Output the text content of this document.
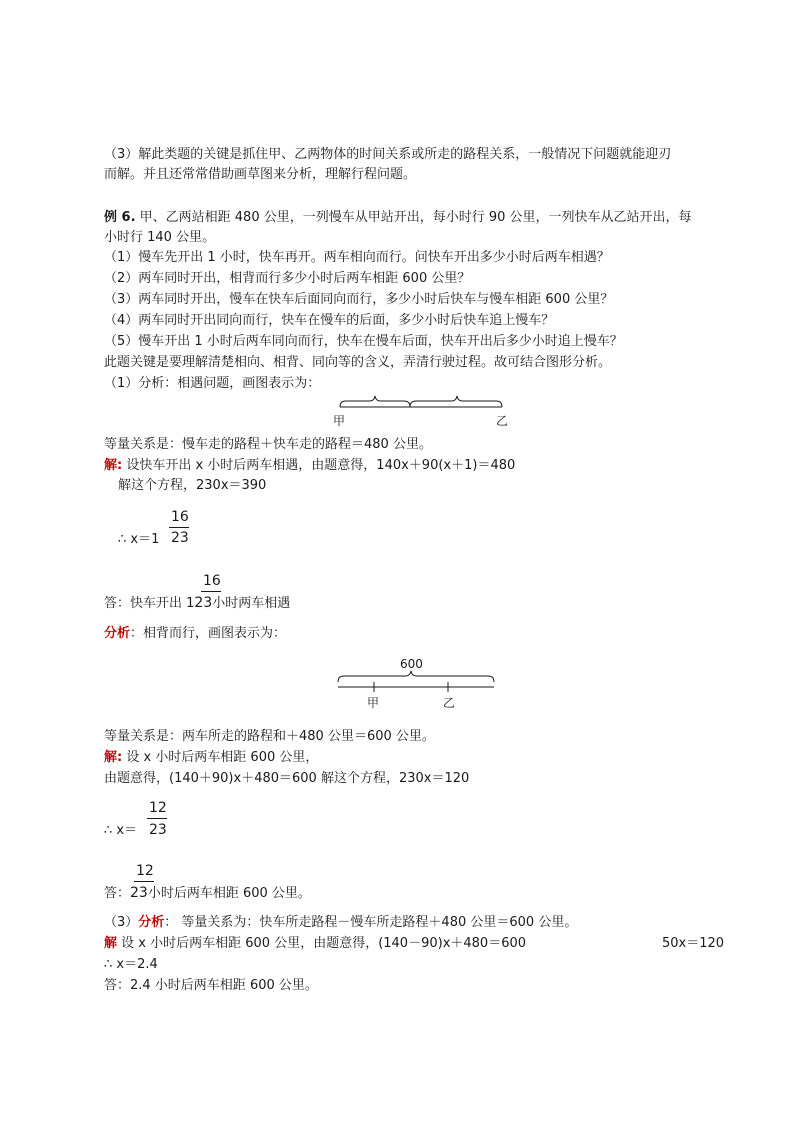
（3）解此类题的关键是抓住甲、乙两物体的时间关系或所走的路程关系，一般情况下问题就能迎刃
而解。并且还常常借助画草图来分析，理解行程问题。
例 6. 甲、乙两站相距 480 公里，一列慢车从甲站开出，每小时行 90 公里，一列快车从乙站开出，每
小时行 140 公里。
（1）慢车先开出 1 小时，快车再开。两车相向而行。问快车开出多少小时后两车相遇？
（2）两车同时开出，相背而行多少小时后两车相距 600 公里？
（3）两车同时开出，慢车在快车后面同向而行，多少小时后快车与慢车相距 600 公里？
（4）两车同时开出同向而行，快车在慢车的后面，多少小时后快车追上慢车？
（5）慢车开出 1 小时后两车同向而行，快车在慢车后面，快车开出后多少小时追上慢车？
此题关键是要理解清楚相向、相背、同向等的含义，弄清行驶过程。故可结合图形分析。
（1）分析：相遇问题，画图表示为：
甲	乙
等量关系是：慢车走的路程＋快车走的路程＝480 公里。
解: 设快车开出 x 小时后两车相遇，由题意得，140x＋90(x＋1)＝480
解这个方程，230x＝390
∴ x＝1
16
23
16
答：快车开出 123小时两车相遇
分析：相背而行，画图表示为：
600
甲	乙
等量关系是：两车所走的路程和＋480 公里＝600 公里。
解: 设 x 小时后两车相距 600 公里，
由题意得，(140＋90)x＋480＝600 解这个方程，230x＝120
∴ x＝
12
23
12
答：23小时后两车相距 600 公里。
（3）分析： 等量关系为：快车所走路程－慢车所走路程＋480 公里＝600 公里。
解 设 x 小时后两车相距 600 公里，由题意得，(140－90)x＋480＝600	50x＝120
∴ x＝2.4
答：2.4 小时后两车相距 600 公里。
